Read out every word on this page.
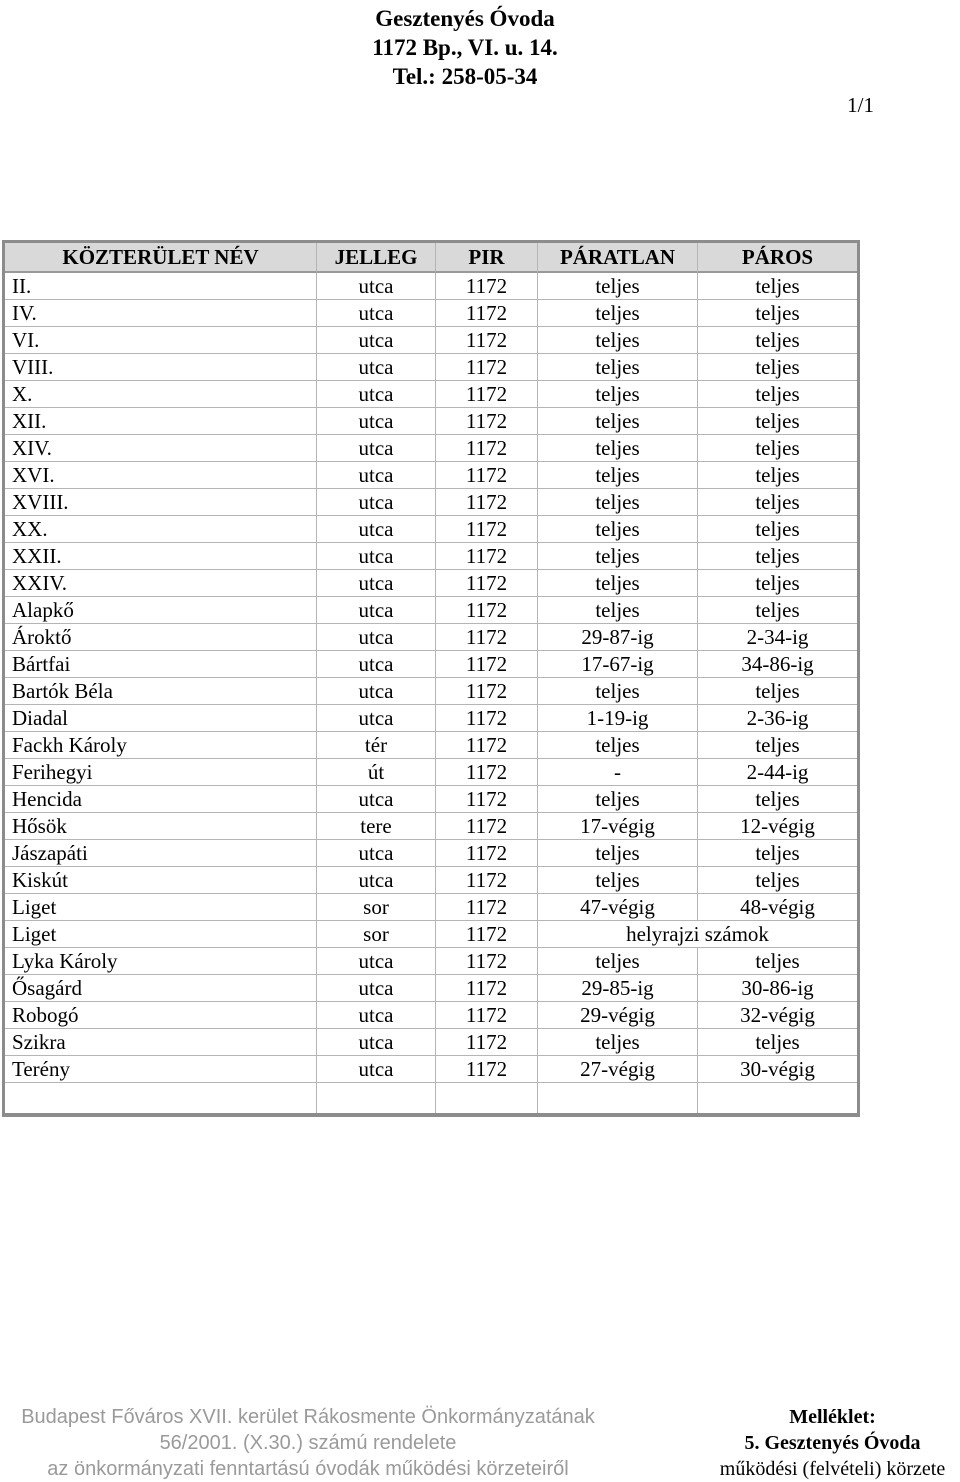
Gesztenyés Óvoda
1172 Bp., VI. u. 14.
Tel.: 258-05-34
1/1
KÖZTERÜLET NÉV	JELLEG	PIR	PÁRATLAN	PÁROS
II.	utca	1172	teljes	teljes
IV.	utca	1172	teljes	teljes
VI.	utca	1172	teljes	teljes
VIII.	utca	1172	teljes	teljes
X.	utca	1172	teljes	teljes
XII.	utca	1172	teljes	teljes
XIV.	utca	1172	teljes	teljes
XVI.	utca	1172	teljes	teljes
XVIII.	utca	1172	teljes	teljes
XX.	utca	1172	teljes	teljes
XXII.	utca	1172	teljes	teljes
XXIV.	utca	1172	teljes	teljes
Alapkő	utca	1172	teljes	teljes
Ároktő	utca	1172	29-87-ig	2-34-ig
Bártfai	utca	1172	17-67-ig	34-86-ig
Bartók Béla	utca	1172	teljes	teljes
Diadal	utca	1172	1-19-ig	2-36-ig
Fackh Károly	tér	1172	teljes	teljes
Ferihegyi	út	1172	-	2-44-ig
Hencida	utca	1172	teljes	teljes
Hősök	tere	1172	17-végig	12-végig
Jászapáti	utca	1172	teljes	teljes
Kiskút	utca	1172	teljes	teljes
Liget	sor	1172	47-végig	48-végig
Liget	sor	1172	helyrajzi számok	
Lyka Károly	utca	1172	teljes	teljes
Ősagárd	utca	1172	29-85-ig	30-86-ig
Robogó	utca	1172	29-végig	32-végig
Szikra	utca	1172	teljes	teljes
Terény	utca	1172	27-végig	30-végig

Budapest Főváros XVII. kerület Rákosmente Önkormányzatának
56/2001. (X.30.) számú rendelete
az önkormányzati fenntartású óvodák működési körzeteiről
Melléklet:
5. Gesztenyés Óvoda
működési (felvételi) körzete
